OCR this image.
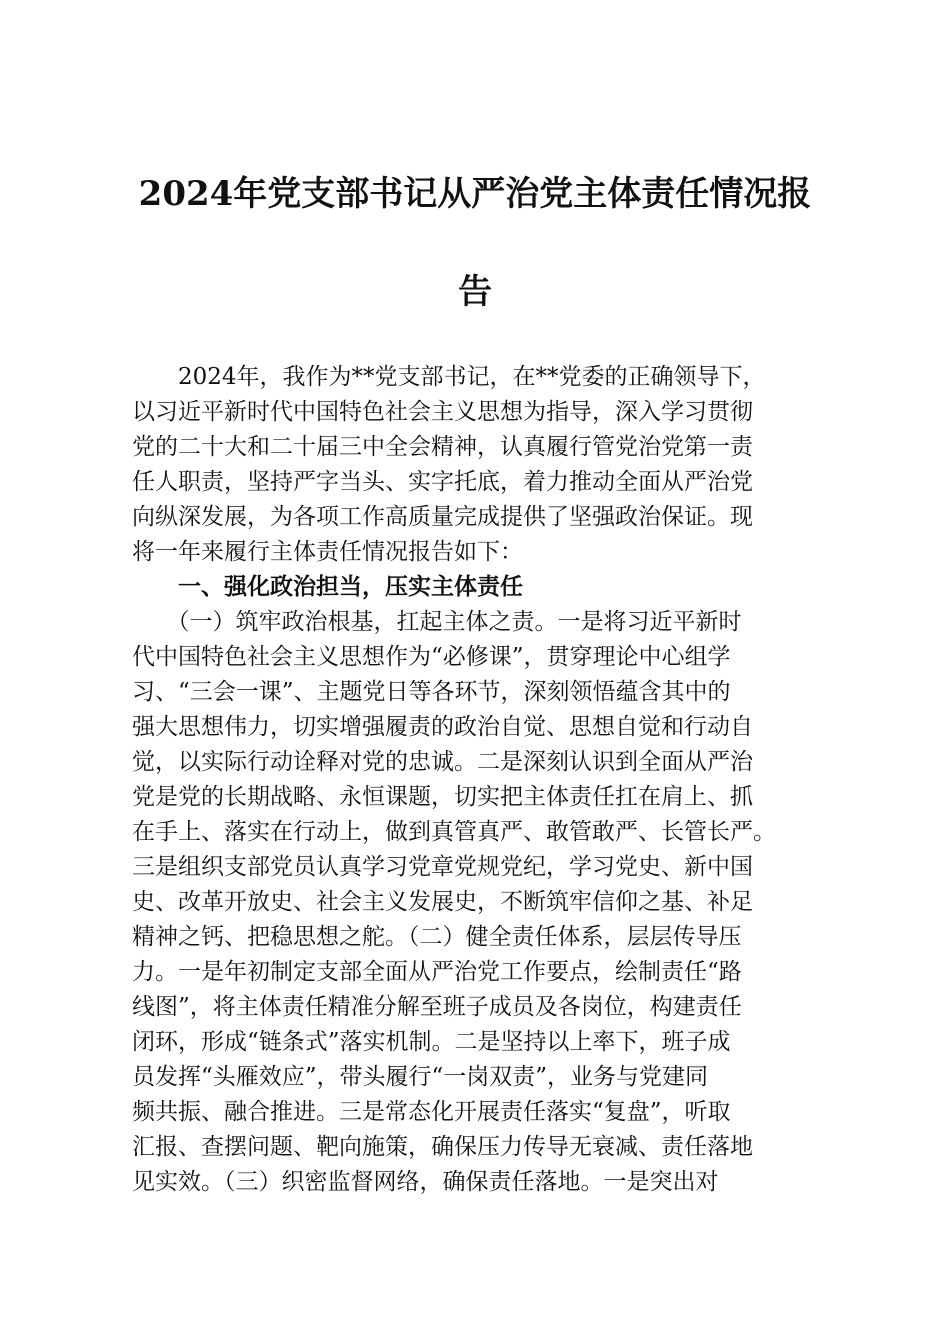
2024年党支部书记从严治党主体责任情况报
告

　　2024年，我作为**党支部书记，在**党委的正确领导下，

以习近平新时代中国特色社会主义思想为指导，深入学习贯彻

党的二十大和二十届三中全会精神，认真履行管党治党第一责

任人职责，坚持严字当头、实字托底，着力推动全面从严治党

向纵深发展，为各项工作高质量完成提供了坚强政治保证。现

将一年来履行主体责任情况报告如下：

　　一、强化政治担当，压实主体责任

　　（一）筑牢政治根基，扛起主体之责。一是将习近平新时

代中国特色社会主义思想作为“必修课”，贯穿理论中心组学

习、“三会一课”、主题党日等各环节，深刻领悟蕴含其中的

强大思想伟力，切实增强履责的政治自觉、思想自觉和行动自

觉，以实际行动诠释对党的忠诚。二是深刻认识到全面从严治

党是党的长期战略、永恒课题，切实把主体责任扛在肩上、抓

在手上、落实在行动上，做到真管真严、敢管敢严、长管长严。

三是组织支部党员认真学习党章党规党纪，学习党史、新中国

史、改革开放史、社会主义发展史，不断筑牢信仰之基、补足

精神之钙、把稳思想之舵。（二）健全责任体系，层层传导压

力。一是年初制定支部全面从严治党工作要点，绘制责任“路

线图”，将主体责任精准分解至班子成员及各岗位，构建责任

闭环，形成“链条式”落实机制。二是坚持以上率下，班子成

员发挥“头雁效应”，带头履行“一岗双责”，业务与党建同

频共振、融合推进。三是常态化开展责任落实“复盘”，听取

汇报、查摆问题、靶向施策，确保压力传导无衰减、责任落地

见实效。（三）织密监督网络，确保责任落地。一是突出对
